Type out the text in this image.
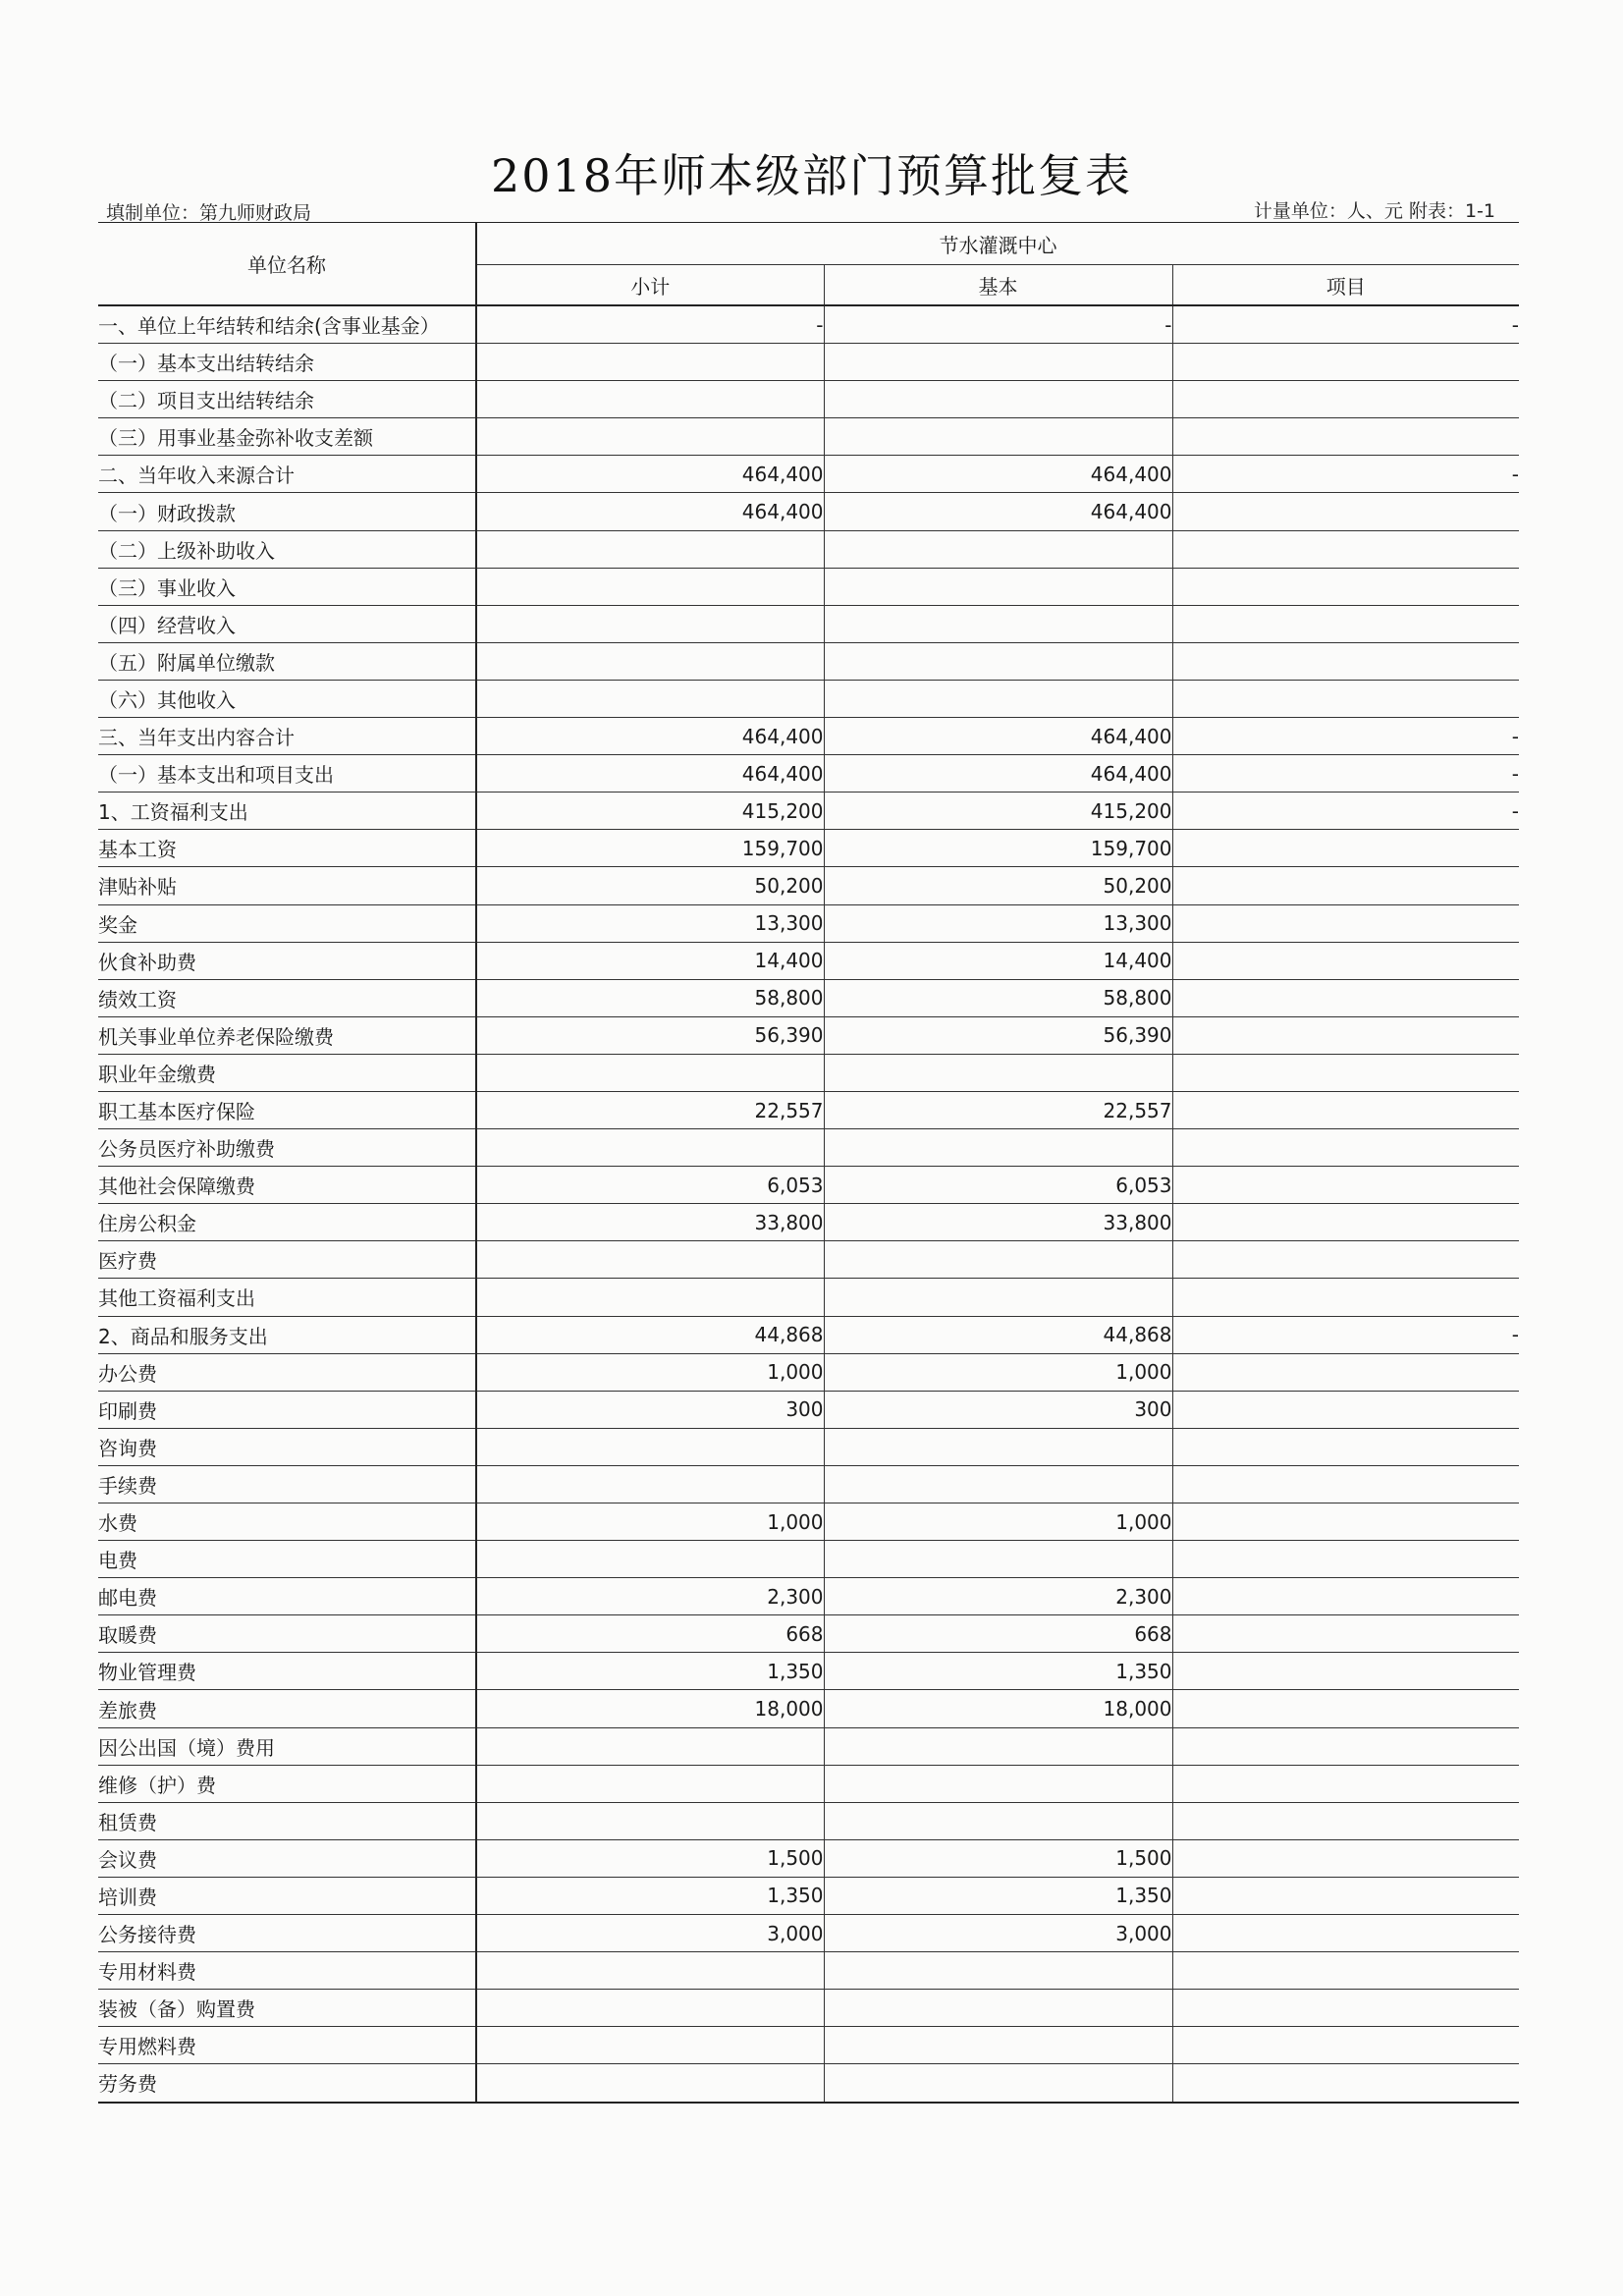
2018年师本级部门预算批复表
填制单位：第九师财政局	计量单位：人、元 附表：1-1
单位名称	节水灌溉中心		
	小计	基本	项目
一、单位上年结转和结余(含事业基金）	-	-	-
（一）基本支出结转结余			
（二）项目支出结转结余			
（三）用事业基金弥补收支差额			
二、当年收入来源合计	464,400	464,400	-
（一）财政拨款	464,400	464,400	
（二）上级补助收入			
（三）事业收入			
（四）经营收入			
（五）附属单位缴款			
（六）其他收入			
三、当年支出内容合计	464,400	464,400	-
（一）基本支出和项目支出	464,400	464,400	-
1、工资福利支出	415,200	415,200	-
基本工资	159,700	159,700	
津贴补贴	50,200	50,200	
奖金	13,300	13,300	
伙食补助费	14,400	14,400	
绩效工资	58,800	58,800	
机关事业单位养老保险缴费	56,390	56,390	
职业年金缴费			
职工基本医疗保险	22,557	22,557	
公务员医疗补助缴费			
其他社会保障缴费	6,053	6,053	
住房公积金	33,800	33,800	
医疗费			
其他工资福利支出			
2、商品和服务支出	44,868	44,868	-
办公费	1,000	1,000	
印刷费	300	300	
咨询费			
手续费			
水费	1,000	1,000	
电费			
邮电费	2,300	2,300	
取暖费	668	668	
物业管理费	1,350	1,350	
差旅费	18,000	18,000	
因公出国（境）费用			
维修（护）费			
租赁费			
会议费	1,500	1,500	
培训费	1,350	1,350	
公务接待费	3,000	3,000	
专用材料费			
装被（备）购置费			
专用燃料费			
劳务费			
